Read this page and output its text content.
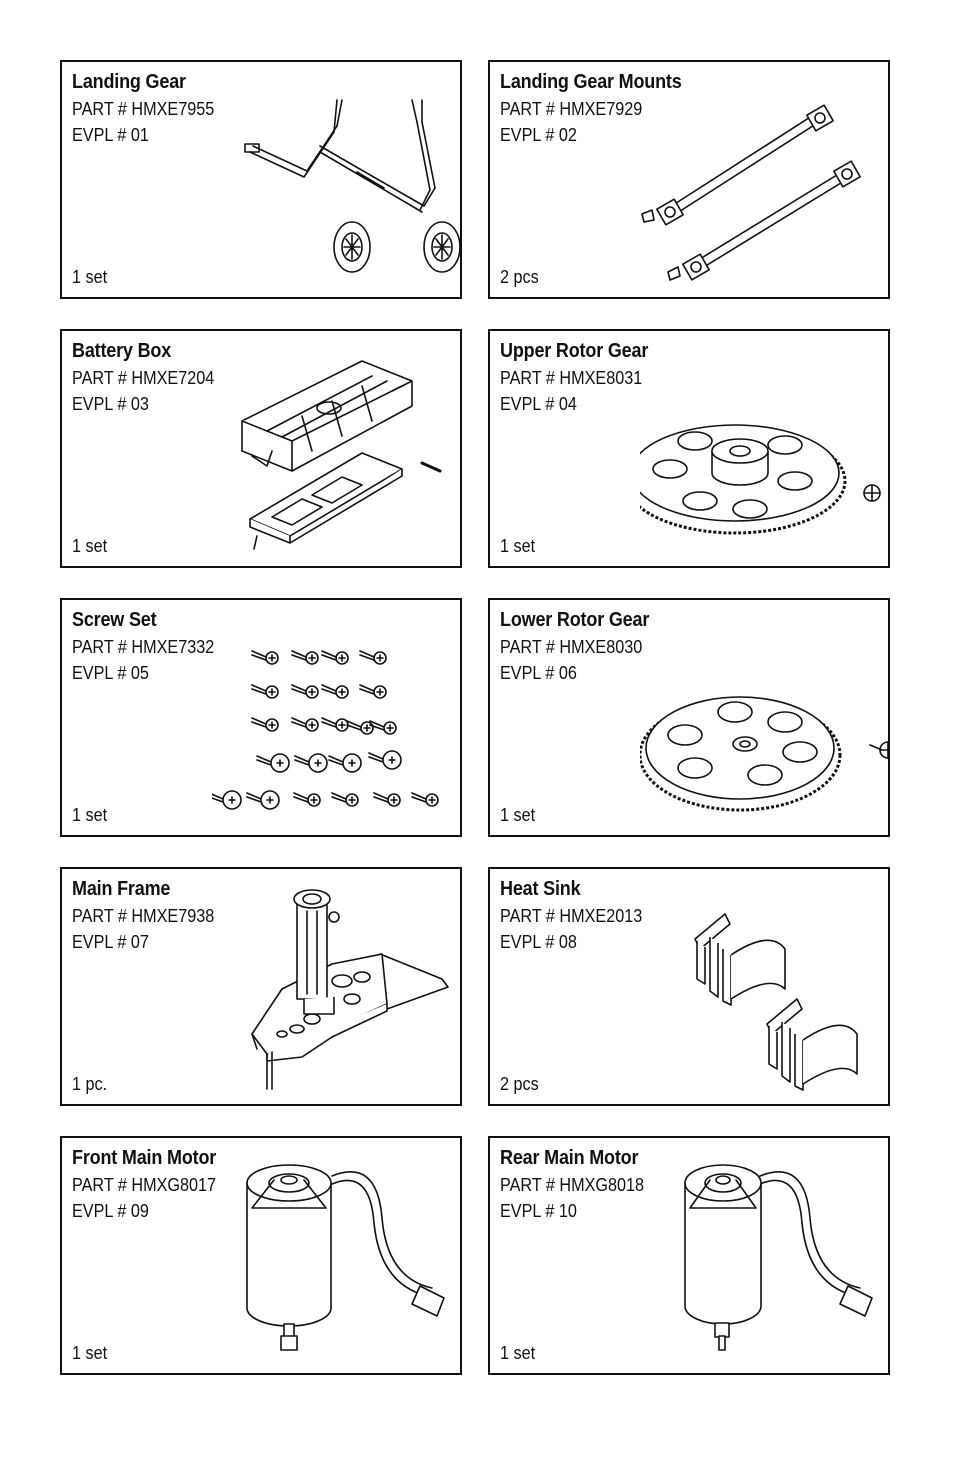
Landing Gear
PART # HMXE7955
EVPL # 01
1 set
Landing Gear Mounts
PART # HMXE7929
EVPL # 02
2 pcs
Battery Box
PART # HMXE7204
EVPL # 03
1 set
Upper Rotor Gear
PART # HMXE8031
EVPL # 04
1 set
Screw Set
PART # HMXE7332
EVPL # 05
1 set
Lower Rotor Gear
PART # HMXE8030
EVPL # 06
1 set
Main Frame
PART # HMXE7938
EVPL # 07
1 pc.
Heat Sink
PART # HMXE2013
EVPL # 08
2 pcs
Front Main Motor
PART # HMXG8017
EVPL # 09
1 set
Rear Main Motor
PART # HMXG8018
EVPL # 10
1 set
